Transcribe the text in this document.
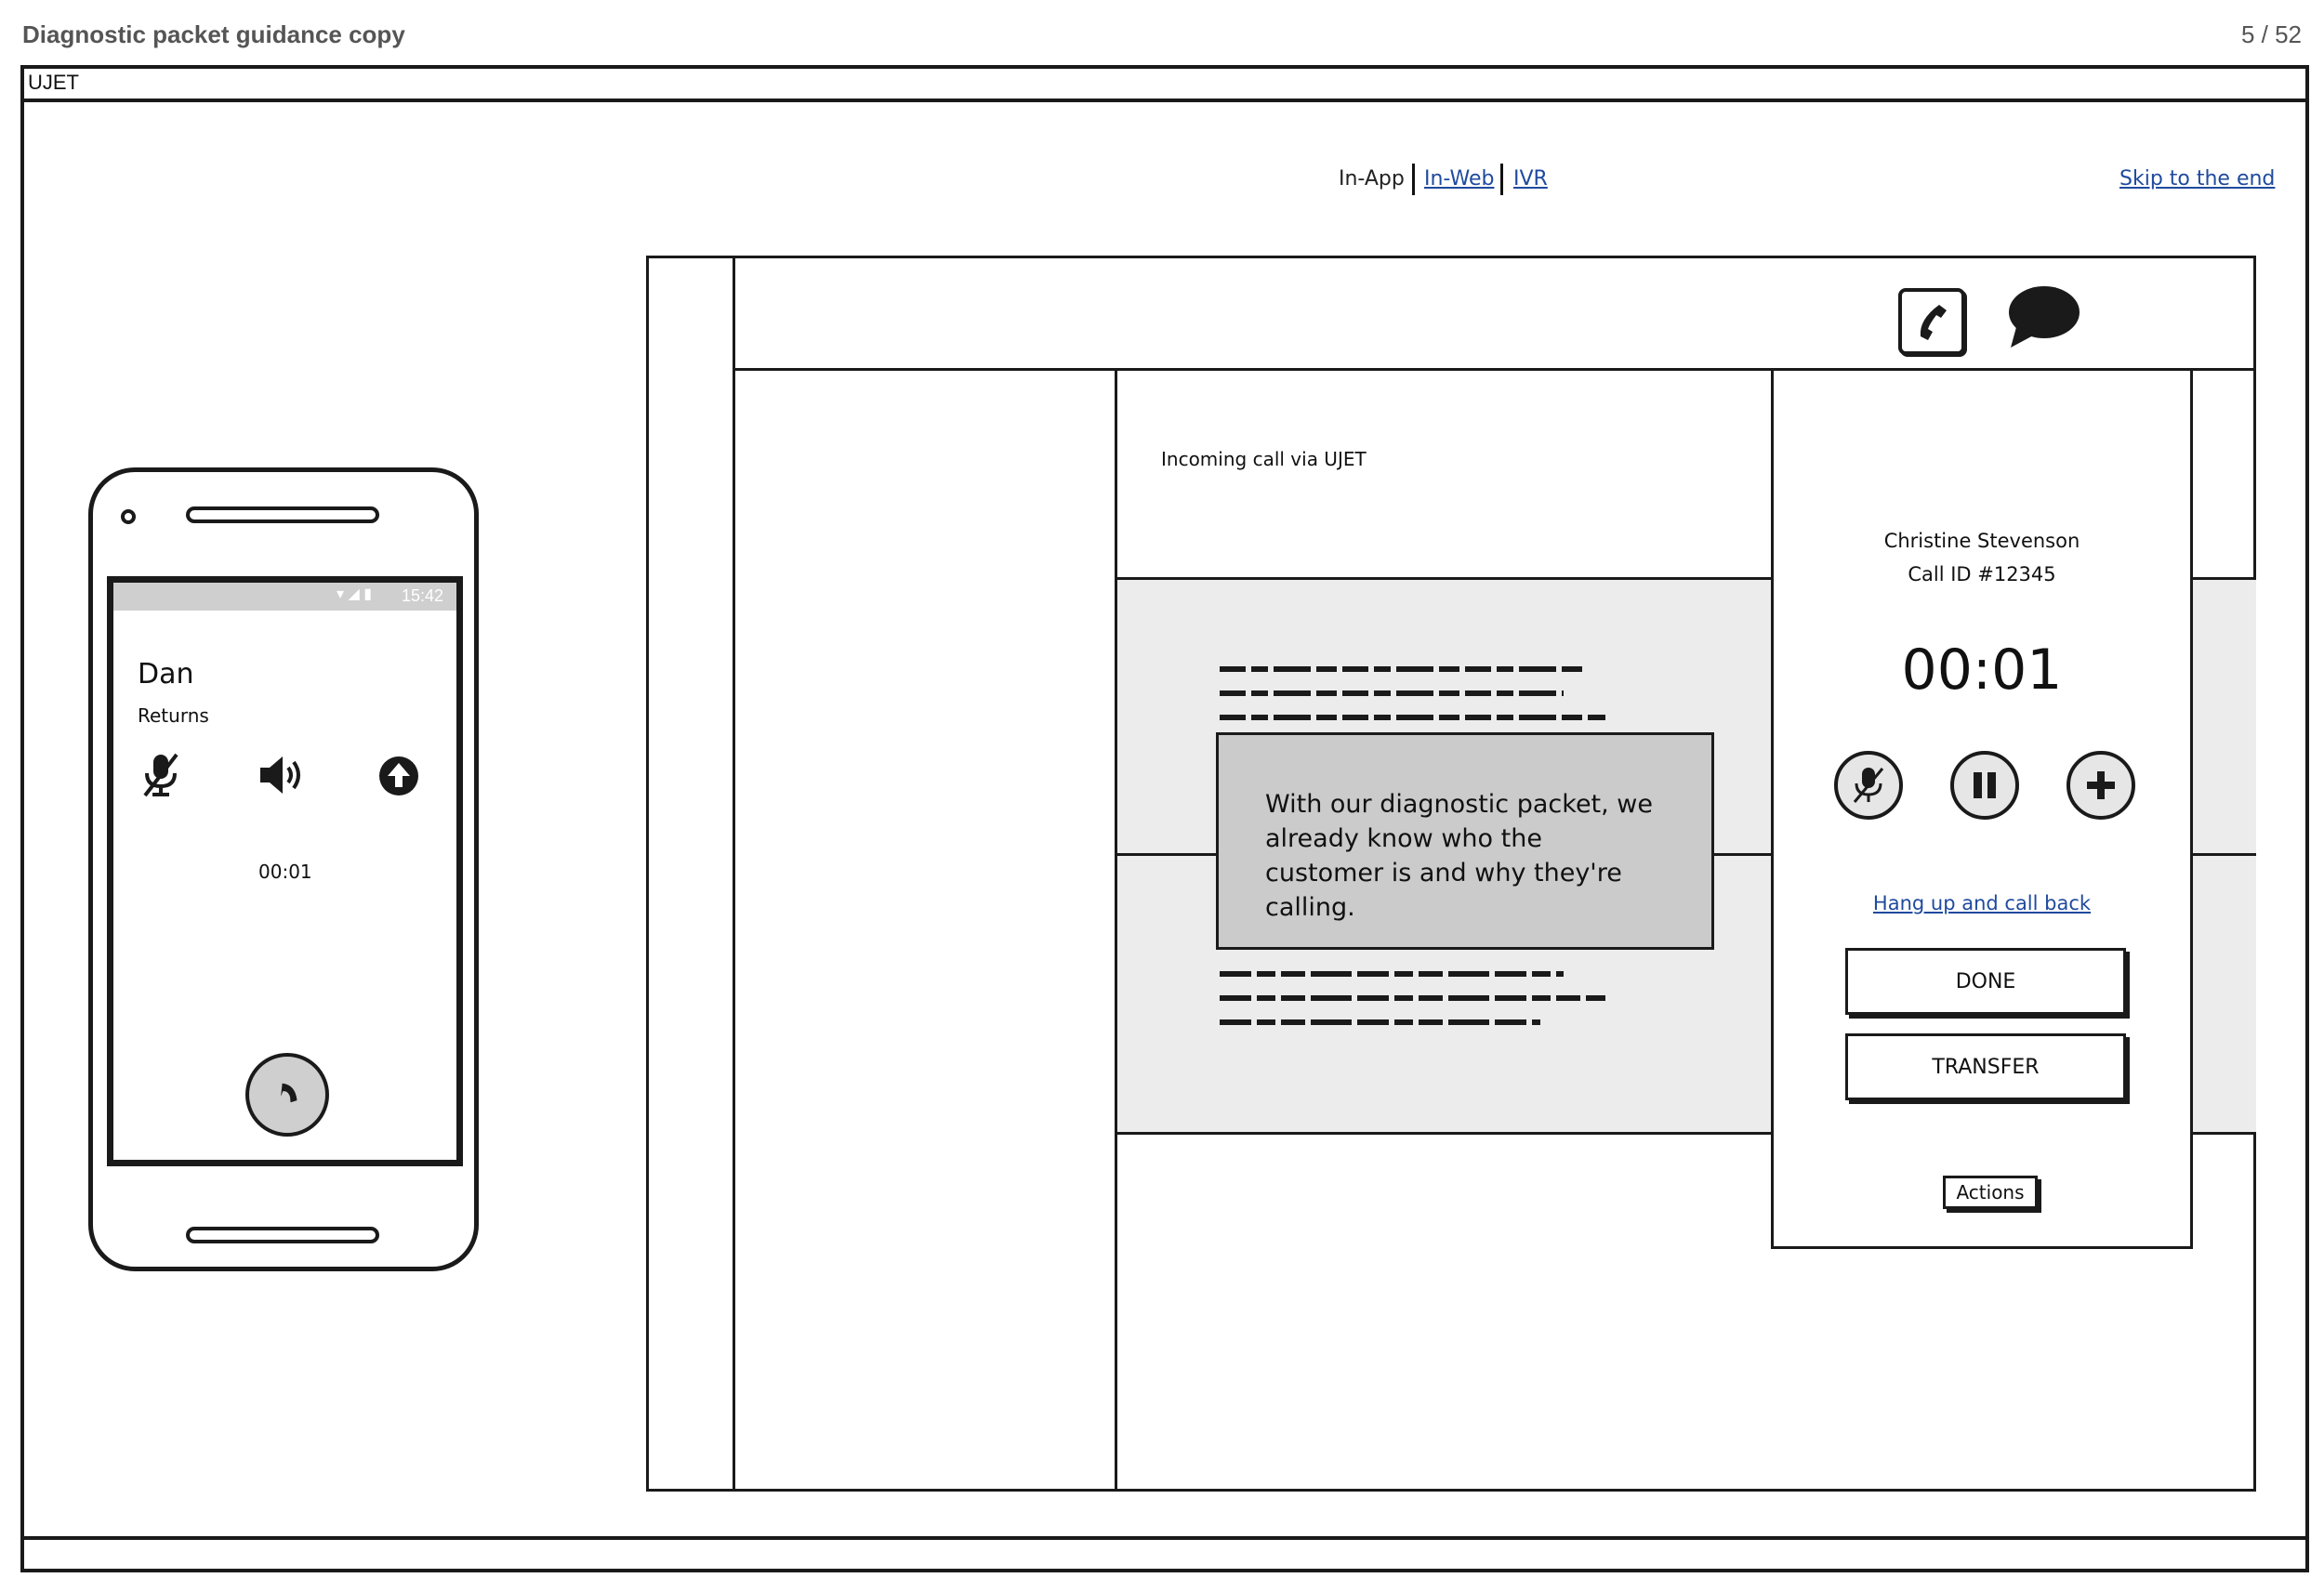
Diagnostic packet guidance copy	5 / 52
UJET
In-App In-Web IVR	Skip to the end
▾ ◢ ▮ 15:42
Dan
Returns
00:01
Incoming call via UJET
With our diagnostic packet, we already know who the customer is and why they're calling.
Christine Stevenson
Call ID #12345
00:01
Hang up and call back
DONE
TRANSFER
Actions
